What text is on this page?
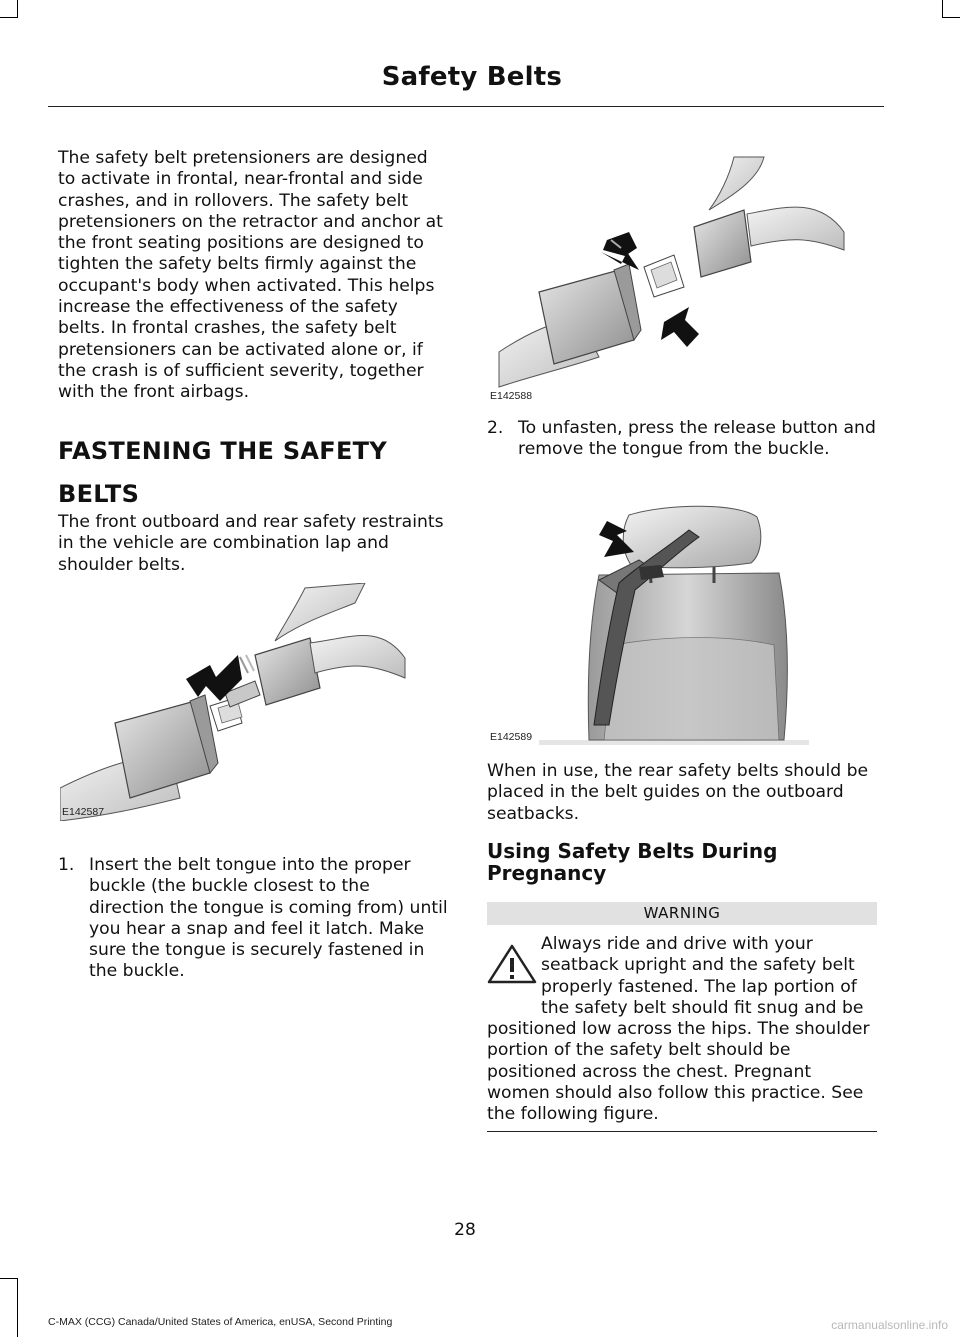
Safety Belts

The safety belt pretensioners are designed to activate in frontal, near-frontal and side crashes, and in rollovers. The safety belt pretensioners on the retractor and anchor at the front seating positions are designed to tighten the safety belts firmly against the occupant's body when activated. This helps increase the effectiveness of the safety belts. In frontal crashes, the safety belt pretensioners can be activated alone or, if the crash is of sufficient severity, together with the front airbags.

FASTENING THE SAFETY BELTS

The front outboard and rear safety restraints in the vehicle are combination lap and shoulder belts.

E142587
1. Insert the belt tongue into the proper buckle (the buckle closest to the direction the tongue is coming from) until you hear a snap and feel it latch. Make sure the tongue is securely fastened in the buckle.
E142588
2. To unfasten, press the release button and remove the tongue from the buckle.
E142589

When in use, the rear safety belts should be placed in the belt guides on the outboard seatbacks.

Using Safety Belts During Pregnancy
WARNING
Always ride and drive with your seatback upright and the safety belt properly fastened. The lap portion of the safety belt should fit snug and be positioned low across the hips. The shoulder portion of the safety belt should be positioned across the chest. Pregnant women should also follow this practice. See the following figure.
28
C-MAX (CCG) Canada/United States of America, enUSA, Second Printing	carmanualsonline.info
